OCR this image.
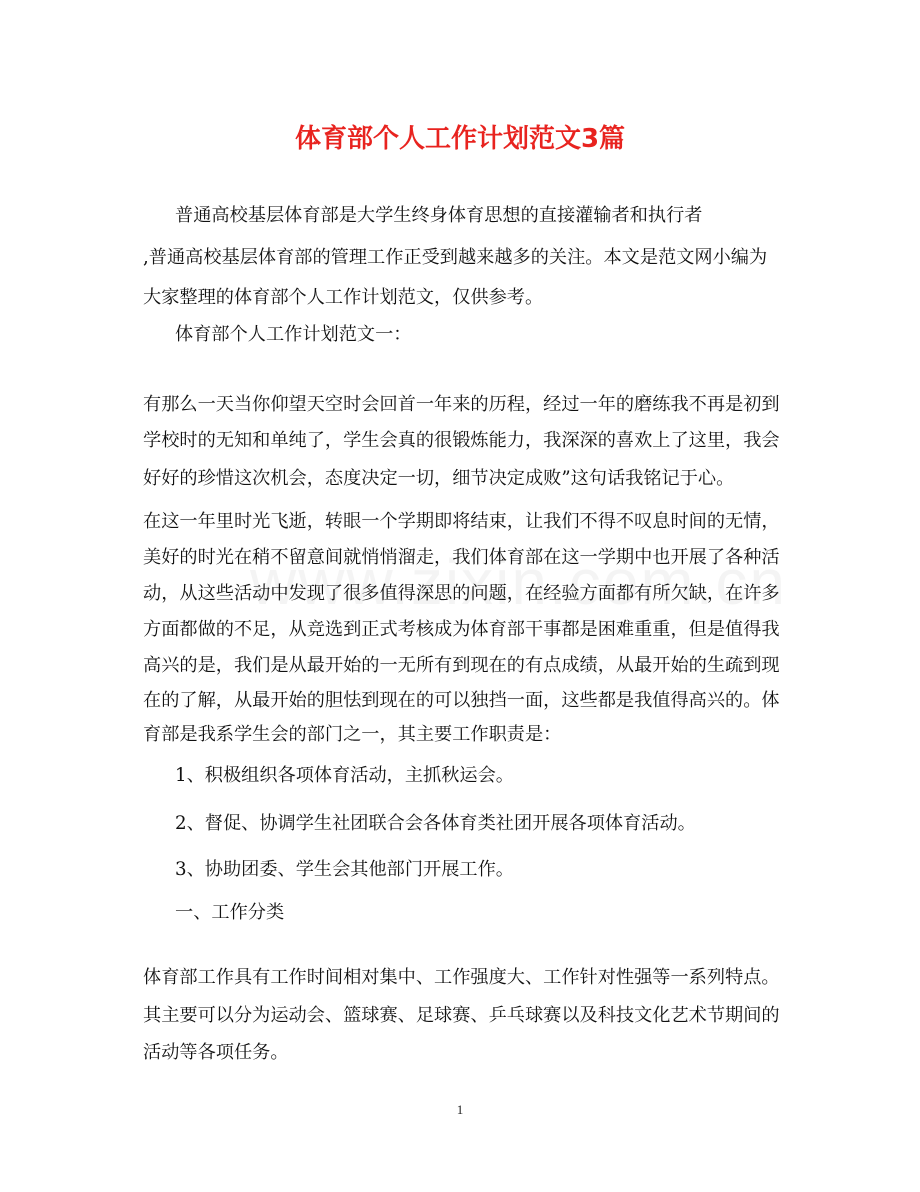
体育部个人工作计划范文3篇

普通高校基层体育部是大学生终身体育思想的直接灌输者和执行者

,普通高校基层体育部的管理工作正受到越来越多的关注。本文是范文网小编为

大家整理的体育部个人工作计划范文，仅供参考。

体育部个人工作计划范文一：

有那么一天当你仰望天空时会回首一年来的历程，经过一年的磨练我不再是初到

学校时的无知和单纯了，学生会真的很锻炼能力，我深深的喜欢上了这里，我会

好好的珍惜这次机会，态度决定一切，细节决定成败”这句话我铭记于心。

在这一年里时光飞逝，转眼一个学期即将结束，让我们不得不叹息时间的无情，

美好的时光在稍不留意间就悄悄溜走，我们体育部在这一学期中也开展了各种活

动，从这些活动中发现了很多值得深思的问题，在经验方面都有所欠缺，在许多

方面都做的不足，从竞选到正式考核成为体育部干事都是困难重重，但是值得我

高兴的是，我们是从最开始的一无所有到现在的有点成绩，从最开始的生疏到现

在的了解，从最开始的胆怯到现在的可以独挡一面，这些都是我值得高兴的。体

育部是我系学生会的部门之一，其主要工作职责是：

1、积极组织各项体育活动，主抓秋运会。

2、督促、协调学生社团联合会各体育类社团开展各项体育活动。

3、协助团委、学生会其他部门开展工作。

一、工作分类

体育部工作具有工作时间相对集中、工作强度大、工作针对性强等一系列特点。

其主要可以分为运动会、篮球赛、足球赛、乒乓球赛以及科技文化艺术节期间的

活动等各项任务。

1
